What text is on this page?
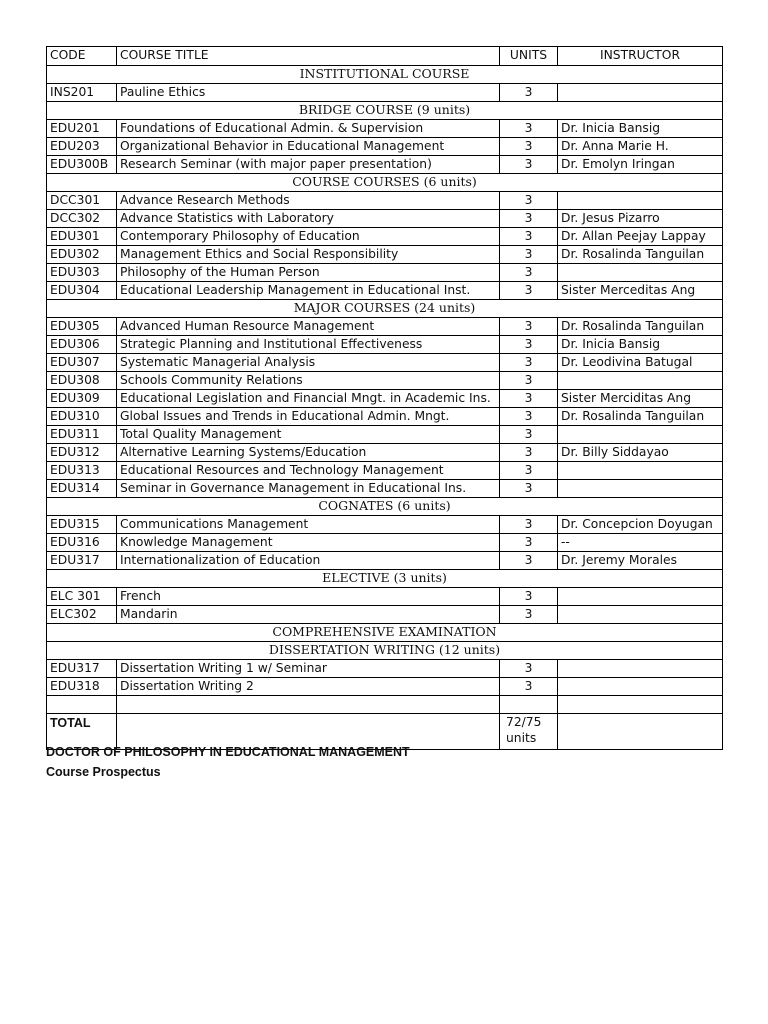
CODE	COURSE TITLE	UNITS	INSTRUCTOR
INSTITUTIONAL COURSE			
INS201	Pauline Ethics	3	
BRIDGE COURSE (9 units)			
EDU201	Foundations of Educational Admin. & Supervision	3	Dr. Inicia Bansig
EDU203	Organizational Behavior in Educational Management	3	Dr. Anna Marie H.
EDU300B	Research Seminar (with major paper presentation)	3	Dr. Emolyn Iringan
COURSE COURSES (6 units)			
DCC301	Advance Research Methods	3	
DCC302	Advance Statistics with Laboratory	3	Dr. Jesus Pizarro
EDU301	Contemporary Philosophy of Education	3	Dr. Allan Peejay Lappay
EDU302	Management Ethics and Social Responsibility	3	Dr. Rosalinda Tanguilan
EDU303	Philosophy of the Human Person	3	
EDU304	Educational Leadership Management in Educational Inst.	3	Sister Merceditas Ang
MAJOR COURSES (24 units)			
EDU305	Advanced Human Resource Management	3	Dr. Rosalinda Tanguilan
EDU306	Strategic Planning and Institutional Effectiveness	3	Dr. Inicia Bansig
EDU307	Systematic Managerial Analysis	3	Dr. Leodivina Batugal
EDU308	Schools Community Relations	3	
EDU309	Educational Legislation and Financial Mngt. in Academic Ins.	3	Sister Merciditas Ang
EDU310	Global Issues and Trends in Educational Admin. Mngt.	3	Dr. Rosalinda Tanguilan
EDU311	Total Quality Management	3	
EDU312	Alternative Learning Systems/Education	3	Dr. Billy Siddayao
EDU313	Educational Resources and Technology Management	3	
EDU314	Seminar in Governance Management in Educational Ins.	3	
COGNATES (6 units)			
EDU315	Communications Management	3	Dr. Concepcion Doyugan
EDU316	Knowledge Management	3	--
EDU317	Internationalization of Education	3	Dr. Jeremy Morales
ELECTIVE (3 units)			
ELC 301	French	3	
ELC302	Mandarin	3	
COMPREHENSIVE EXAMINATION			
DISSERTATION WRITING (12 units)			
EDU317	Dissertation Writing 1 w/ Seminar	3	
EDU318	Dissertation Writing 2	3	

TOTAL		72/75 units	

DOCTOR OF PHILOSOPHY IN EDUCATIONAL MANAGEMENT

Course Prospectus
